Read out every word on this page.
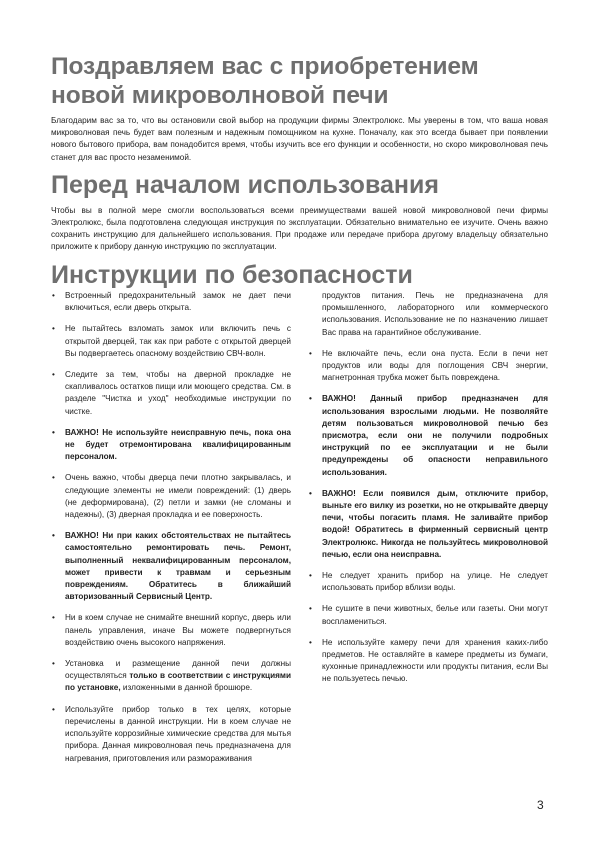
Поздравляем вас с приобретением
новой микроволновой печи

Благодарим вас за то, что вы остановили свой выбор на продукции фирмы Электролюкс. Мы уверены в том, что ваша новая микроволновая печь будет вам полезным и надежным помощником на кухне. Поначалу, как это всегда бывает при появлении нового бытового прибора, вам понадобится время, чтобы изучить все его функции и особенности, но скоро микроволновая печь станет для вас просто незаменимой.

Перед началом использования

Чтобы вы в полной мере смогли воспользоваться всеми преимуществами вашей новой микроволновой печи фирмы Электролюкс, была подготовлена следующая инструкция по эксплуатации. Обязательно внимательно ее изучите. Очень важно сохранить инструкцию для дальнейшего использования. При продаже или передаче прибора другому владельцу обязательно приложите к прибору данную инструкцию по эксплуатации.

Инструкции по безопасности
• Встроенный предохранительный замок не дает печи включиться, если дверь открыта.
• Не пытайтесь взломать замок или включить печь с открытой дверцей, так как при работе с открытой дверцей Вы подвергаетесь опасному воздействию СВЧ-волн.
• Следите за тем, чтобы на дверной прокладке не скапливалось остатков пищи или моющего средства. См. в разделе "Чистка и уход" необходимые инструкции по чистке.
• ВАЖНО! Не используйте неисправную печь, пока она не будет отремонтирована квалифицированным персоналом.
• Очень важно, чтобы дверца печи плотно закрывалась, и следующие элементы не имели повреждений: (1) дверь (не деформирована), (2) петли и замки (не сломаны и надежны), (3) дверная прокладка и ее поверхность.
• ВАЖНО! Ни при каких обстоятельствах не пытайтесь самостоятельно ремонтировать печь. Ремонт, выполненный неквалифицированным персоналом, может привести к травмам и серьезным повреждениям. Обратитесь в ближайший авторизованный Сервисный Центр.
• Ни в коем случае не снимайте внешний корпус, дверь или панель управления, иначе Вы можете подвергнуться воздействию очень высокого напряжения.
• Установка и размещение данной печи должны осуществляться только в соответствии с инструкциями по установке, изложенными в данной брошюре.
• Используйте прибор только в тех целях, которые перечислены в данной инструкции. Ни в коем случае не используйте коррозийные химические средства для мытья прибора. Данная микроволновая печь предназначена для нагревания, приготовления или размораживания
продуктов питания. Печь не предназначена для промышленного, лабораторного или коммерческого использования. Использование не по назначению лишает Вас права на гарантийное обслуживание.
• Не включайте печь, если она пуста. Если в печи нет продуктов или воды для поглощения СВЧ энергии, магнетронная трубка может быть повреждена.
• ВАЖНО! Данный прибор предназначен для использования взрослыми людьми. Не позволяйте детям пользоваться микроволновой печью без присмотра, если они не получили подробных инструкций по ее эксплуатации и не были предупреждены об опасности неправильного использования.
• ВАЖНО! Если появился дым, отключите прибор, выньте его вилку из розетки, но не открывайте дверцу печи, чтобы погасить пламя. Не заливайте прибор водой! Обратитесь в фирменный сервисный центр Электролюкс. Никогда не пользуйтесь микроволновой печью, если она неисправна.
• Не следует хранить прибор на улице. Не следует использовать прибор вблизи воды.
• Не сушите в печи животных, белье или газеты. Они могут воспламениться.
• Не используйте камеру печи для хранения каких-либо предметов. Не оставляйте в камере предметы из бумаги, кухонные принадлежности или продукты питания, если Вы не пользуетесь печью.
3
